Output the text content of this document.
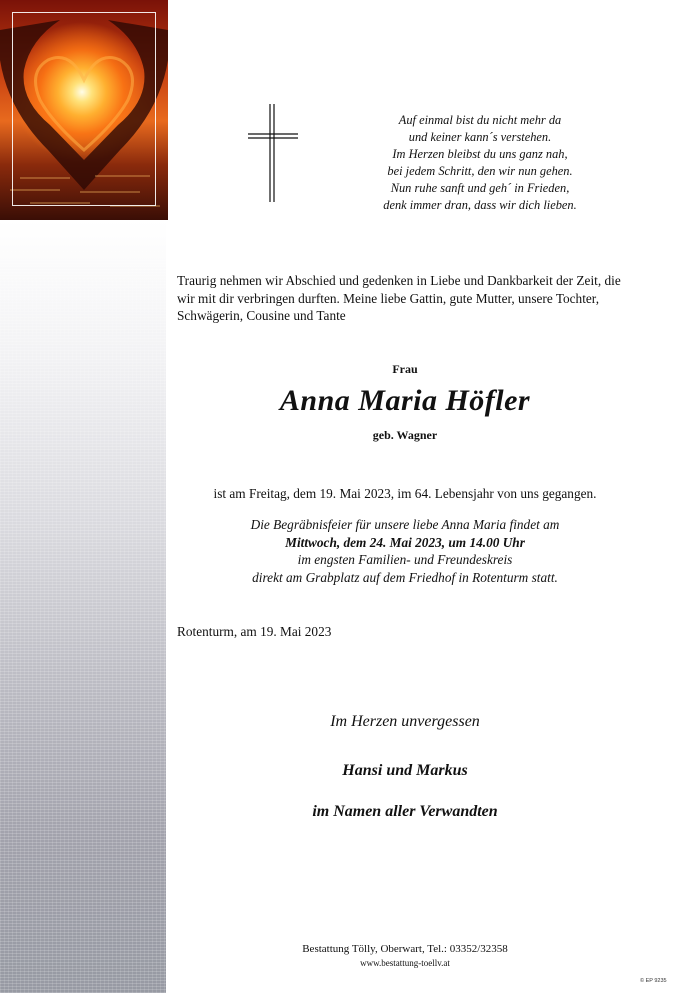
Auf einmal bist du nicht mehr da
und keiner kann´s verstehen.
Im Herzen bleibst du uns ganz nah,
bei jedem Schritt, den wir nun gehen.
Nun ruhe sanft und geh´ in Frieden,
denk immer dran, dass wir dich lieben.
Traurig nehmen wir Abschied und gedenken in Liebe und Dankbarkeit der Zeit, die
wir mit dir verbringen durften. Meine liebe Gattin, gute Mutter, unsere Tochter,
Schwägerin, Cousine und Tante
Frau
Anna Maria Höfler
geb. Wagner
ist am Freitag, dem 19. Mai 2023, im 64. Lebensjahr von uns gegangen.
Die Begräbnisfeier für unsere liebe Anna Maria findet am
Mittwoch, dem 24. Mai 2023, um 14.00 Uhr
im engsten Familien- und Freundeskreis
direkt am Grabplatz auf dem Friedhof in Rotenturm statt.
Rotenturm, am 19. Mai 2023
Im Herzen unvergessen
Hansi und Markus
im Namen aller Verwandten
Bestattung Tölly, Oberwart, Tel.: 03352/32358
www.bestattung-toellv.at
© EP 9235
